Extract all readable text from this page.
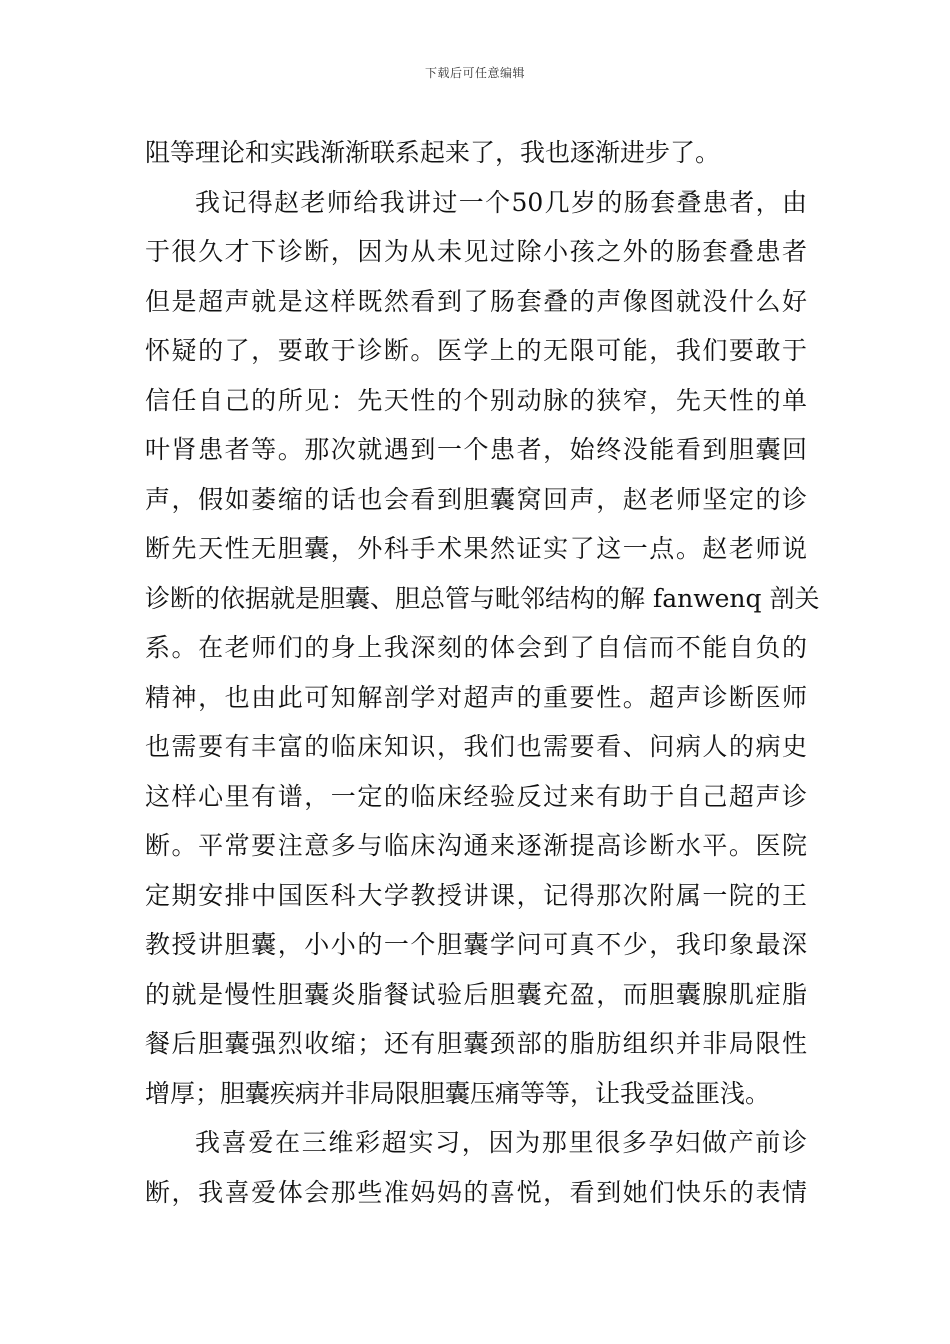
下载后可任意编辑
阻等理论和实践渐渐联系起来了，我也逐渐进步了。
我记得赵老师给我讲过一个50几岁的肠套叠患者，由
于很久才下诊断，因为从未见过除小孩之外的肠套叠患者
但是超声就是这样既然看到了肠套叠的声像图就没什么好
怀疑的了，要敢于诊断。医学上的无限可能，我们要敢于
信任自己的所见：先天性的个别动脉的狭窄，先天性的单
叶肾患者等。那次就遇到一个患者，始终没能看到胆囊回
声，假如萎缩的话也会看到胆囊窝回声，赵老师坚定的诊
断先天性无胆囊，外科手术果然证实了这一点。赵老师说
诊断的依据就是胆囊、胆总管与毗邻结构的解 fanwenq 剖关
系。在老师们的身上我深刻的体会到了自信而不能自负的
精神，也由此可知解剖学对超声的重要性。超声诊断医师
也需要有丰富的临床知识，我们也需要看、问病人的病史
这样心里有谱，一定的临床经验反过来有助于自己超声诊
断。平常要注意多与临床沟通来逐渐提高诊断水平。医院
定期安排中国医科大学教授讲课，记得那次附属一院的王
教授讲胆囊，小小的一个胆囊学问可真不少，我印象最深
的就是慢性胆囊炎脂餐试验后胆囊充盈，而胆囊腺肌症脂
餐后胆囊强烈收缩；还有胆囊颈部的脂肪组织并非局限性
增厚；胆囊疾病并非局限胆囊压痛等等，让我受益匪浅。
我喜爱在三维彩超实习，因为那里很多孕妇做产前诊
断，我喜爱体会那些准妈妈的喜悦，看到她们快乐的表情
